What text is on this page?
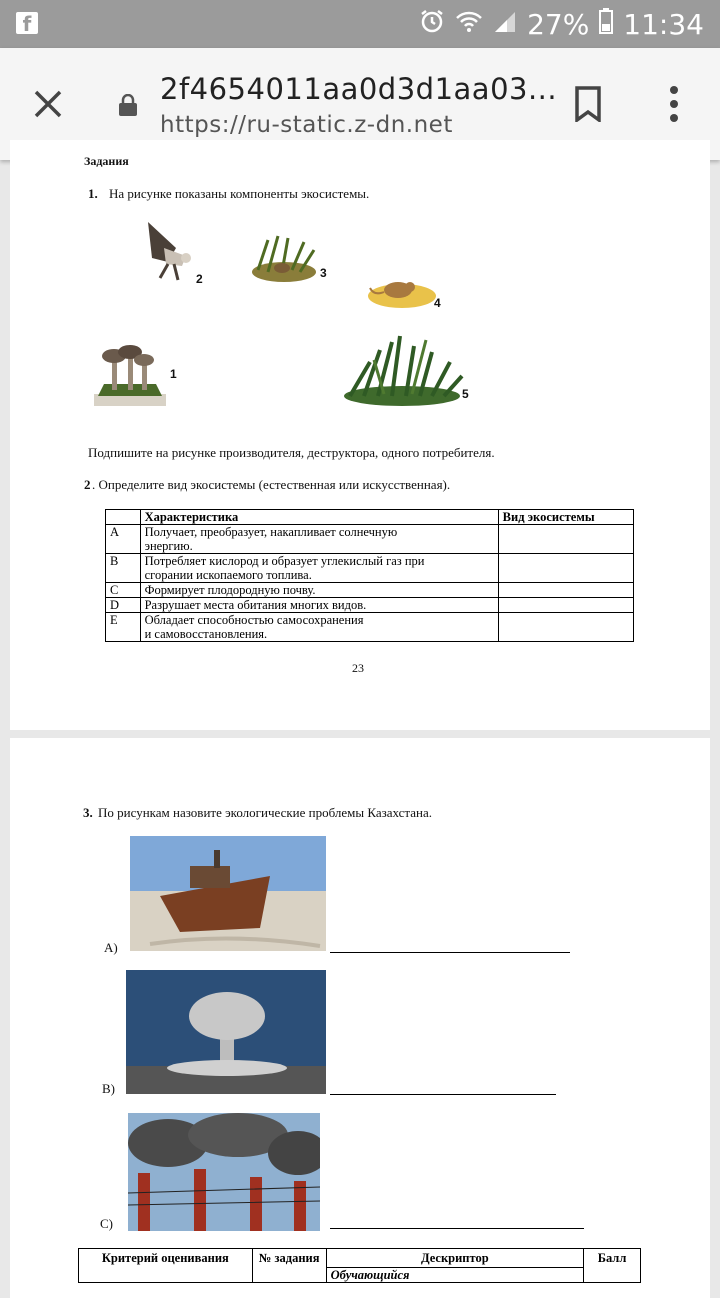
f	27% 11:34
2f4654011aa0d3d1aa03...
https://ru-static.z-dn.net
Задания
1. На рисунке показаны компоненты экосистемы.
2	3
4
1
5
Подпишите на рисунке производителя, деструктора, одного потребителя.
2 . Определите вид экосистемы (естественная или искусственная).
	Характеристика	Вид экосистемы
A	Получает, преобразует, накапливает солнечную
энергию.	
B	Потребляет кислород и образует углекислый газ при
сгорании ископаемого топлива.	
C	Формирует плодородную почву.	
D	Разрушает места обитания многих видов.	
E	Обладает способностью самосохранения
и самовосстановления.	
23
3. По рисункам назовите экологические проблемы Казахстана.
A)
B)
C)
Критерий оценивания	№ задания	Дескриптор
Обучающийся
	Балл
